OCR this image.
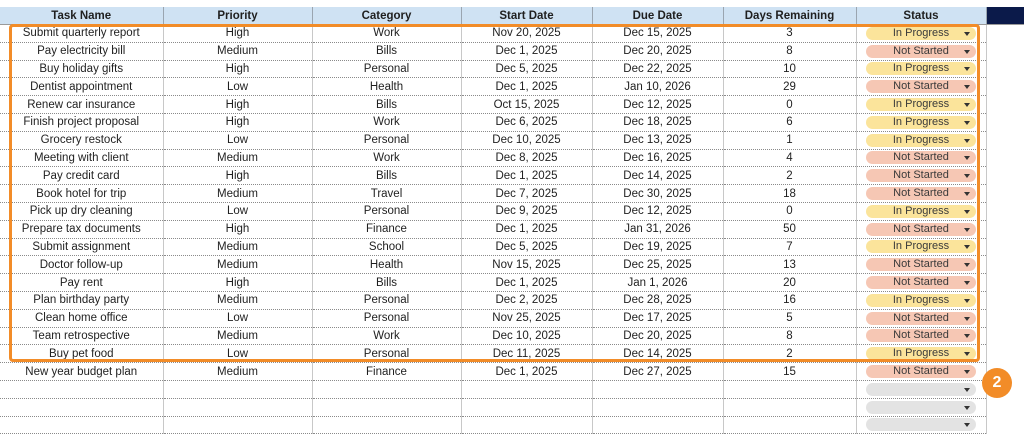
Task Name	Priority	Category	Start Date	Due Date	Days Remaining	Status	
Submit quarterly report	High	Work	Nov 20, 2025	Dec 15, 2025	3	In Progress

Pay electricity bill	Medium	Bills	Dec 1, 2025	Dec 20, 2025	8	Not Started

Buy holiday gifts	High	Personal	Dec 5, 2025	Dec 22, 2025	10	In Progress

Dentist appointment	Low	Health	Dec 1, 2025	Jan 10, 2026	29	Not Started

Renew car insurance	High	Bills	Oct 15, 2025	Dec 12, 2025	0	In Progress

Finish project proposal	High	Work	Dec 6, 2025	Dec 18, 2025	6	In Progress

Grocery restock	Low	Personal	Dec 10, 2025	Dec 13, 2025	1	In Progress

Meeting with client	Medium	Work	Dec 8, 2025	Dec 16, 2025	4	Not Started

Pay credit card	High	Bills	Dec 1, 2025	Dec 14, 2025	2	Not Started

Book hotel for trip	Medium	Travel	Dec 7, 2025	Dec 30, 2025	18	Not Started

Pick up dry cleaning	Low	Personal	Dec 9, 2025	Dec 12, 2025	0	In Progress

Prepare tax documents	High	Finance	Dec 1, 2025	Jan 31, 2026	50	Not Started

Submit assignment	Medium	School	Dec 5, 2025	Dec 19, 2025	7	In Progress

Doctor follow-up	Medium	Health	Nov 15, 2025	Dec 25, 2025	13	Not Started

Pay rent	High	Bills	Dec 1, 2025	Jan 1, 2026	20	Not Started

Plan birthday party	Medium	Personal	Dec 2, 2025	Dec 28, 2025	16	In Progress

Clean home office	Low	Personal	Nov 25, 2025	Dec 17, 2025	5	Not Started

Team retrospective	Medium	Work	Dec 10, 2025	Dec 20, 2025	8	Not Started

Buy pet food	Low	Personal	Dec 11, 2025	Dec 14, 2025	2	In Progress

New year budget plan	Medium	Finance	Dec 1, 2025	Dec 27, 2025	15	Not Started

2
